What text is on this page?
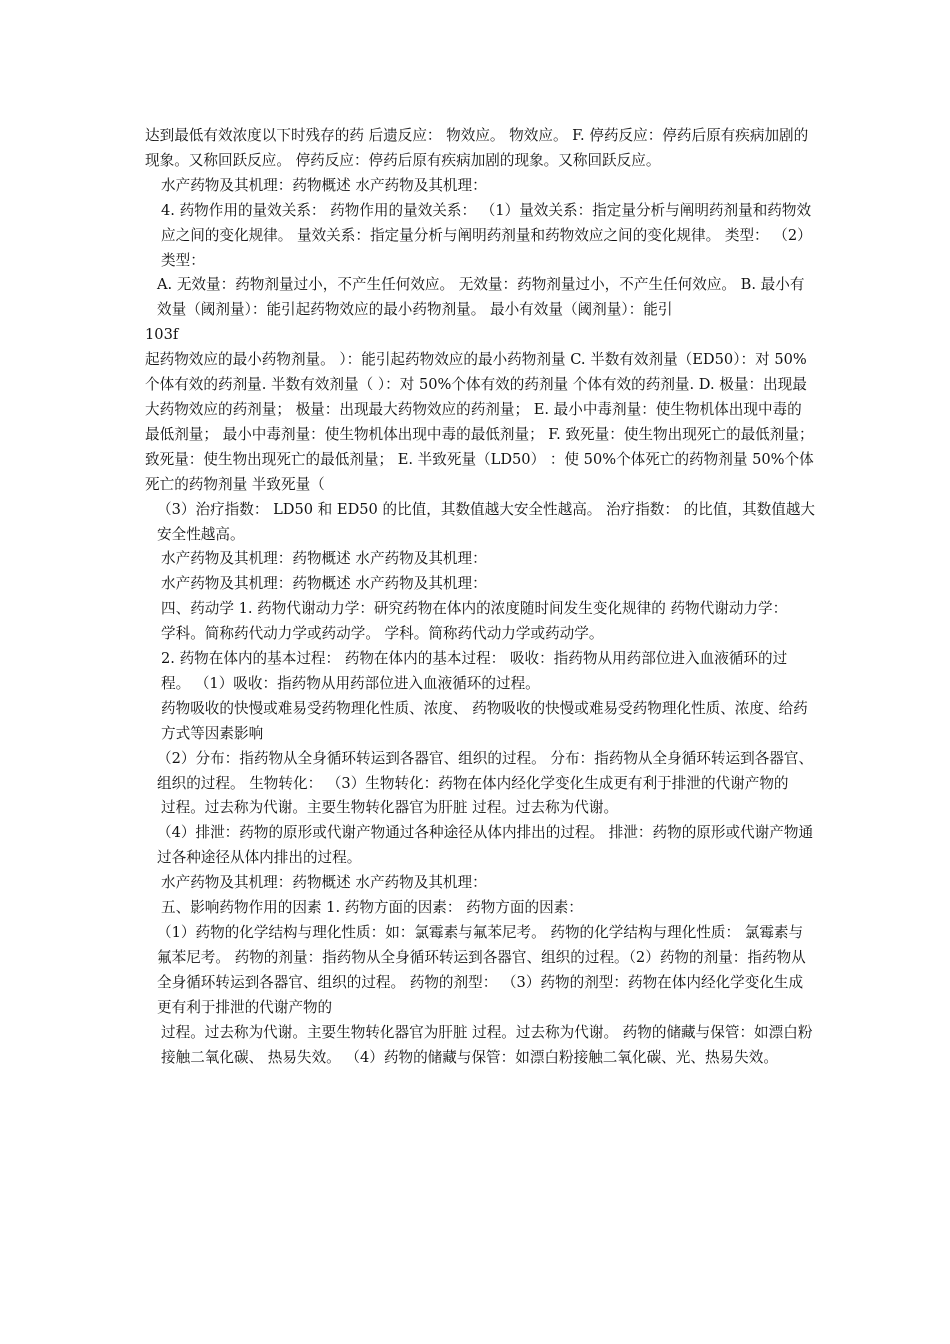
达到最低有效浓度以下时残存的药 后遗反应： 物效应。 物效应。 F. 停药反应：停药后原有疾病加剧的现象。又称回跃反应。 停药反应：停药后原有疾病加剧的现象。又称回跃反应。

水产药物及其机理：药物概述 水产药物及其机理：

4. 药物作用的量效关系： 药物作用的量效关系： （1）量效关系：指定量分析与阐明药剂量和药物效应之间的变化规律。 量效关系：指定量分析与阐明药剂量和药物效应之间的变化规律。 类型： （2）类型：

A. 无效量：药物剂量过小，不产生任何效应。 无效量：药物剂量过小，不产生任何效应。 B. 最小有效量（阈剂量）：能引起药物效应的最小药物剂量。 最小有效量（阈剂量）：能引

103f

起药物效应的最小药物剂量。 ）：能引起药物效应的最小药物剂量 C. 半数有效剂量（ED50）：对 50%个体有效的药剂量. 半数有效剂量（ ）：对 50%个体有效的药剂量 个体有效的药剂量. D. 极量：出现最大药物效应的药剂量； 极量：出现最大药物效应的药剂量； E. 最小中毒剂量：使生物机体出现中毒的最低剂量； 最小中毒剂量：使生物机体出现中毒的最低剂量； F. 致死量：使生物出现死亡的最低剂量； 致死量：使生物出现死亡的最低剂量； E. 半致死量（LD50） ：使 50%个体死亡的药物剂量 50%个体死亡的药物剂量 半致死量（

（3）治疗指数： LD50 和 ED50 的比值，其数值越大安全性越高。 治疗指数： 的比值，其数值越大安全性越高。

水产药物及其机理：药物概述 水产药物及其机理：

水产药物及其机理：药物概述 水产药物及其机理：

四、药动学 1. 药物代谢动力学：研究药物在体内的浓度随时间发生变化规律的 药物代谢动力学：

学科。简称药代动力学或药动学。 学科。简称药代动力学或药动学。

2. 药物在体内的基本过程： 药物在体内的基本过程： 吸收：指药物从用药部位进入血液循环的过程。 （1）吸收：指药物从用药部位进入血液循环的过程。

药物吸收的快慢或难易受药物理化性质、浓度、 药物吸收的快慢或难易受药物理化性质、浓度、给药方式等因素影响

（2）分布：指药物从全身循环转运到各器官、组织的过程。 分布：指药物从全身循环转运到各器官、组织的过程。 生物转化： （3）生物转化：药物在体内经化学变化生成更有利于排泄的代谢产物的

过程。过去称为代谢。主要生物转化器官为肝脏 过程。过去称为代谢。

（4）排泄：药物的原形或代谢产物通过各种途径从体内排出的过程。 排泄：药物的原形或代谢产物通过各种途径从体内排出的过程。

水产药物及其机理：药物概述 水产药物及其机理：

五、影响药物作用的因素 1. 药物方面的因素： 药物方面的因素：

（1）药物的化学结构与理化性质：如：氯霉素与氟苯尼考。 药物的化学结构与理化性质： 氯霉素与氟苯尼考。 药物的剂量：指药物从全身循环转运到各器官、组织的过程。（2）药物的剂量：指药物从全身循环转运到各器官、组织的过程。 药物的剂型： （3）药物的剂型：药物在体内经化学变化生成更有利于排泄的代谢产物的

过程。过去称为代谢。主要生物转化器官为肝脏 过程。过去称为代谢。 药物的储藏与保管：如漂白粉接触二氧化碳、 热易失效。 （4）药物的储藏与保管：如漂白粉接触二氧化碳、光、热易失效。
